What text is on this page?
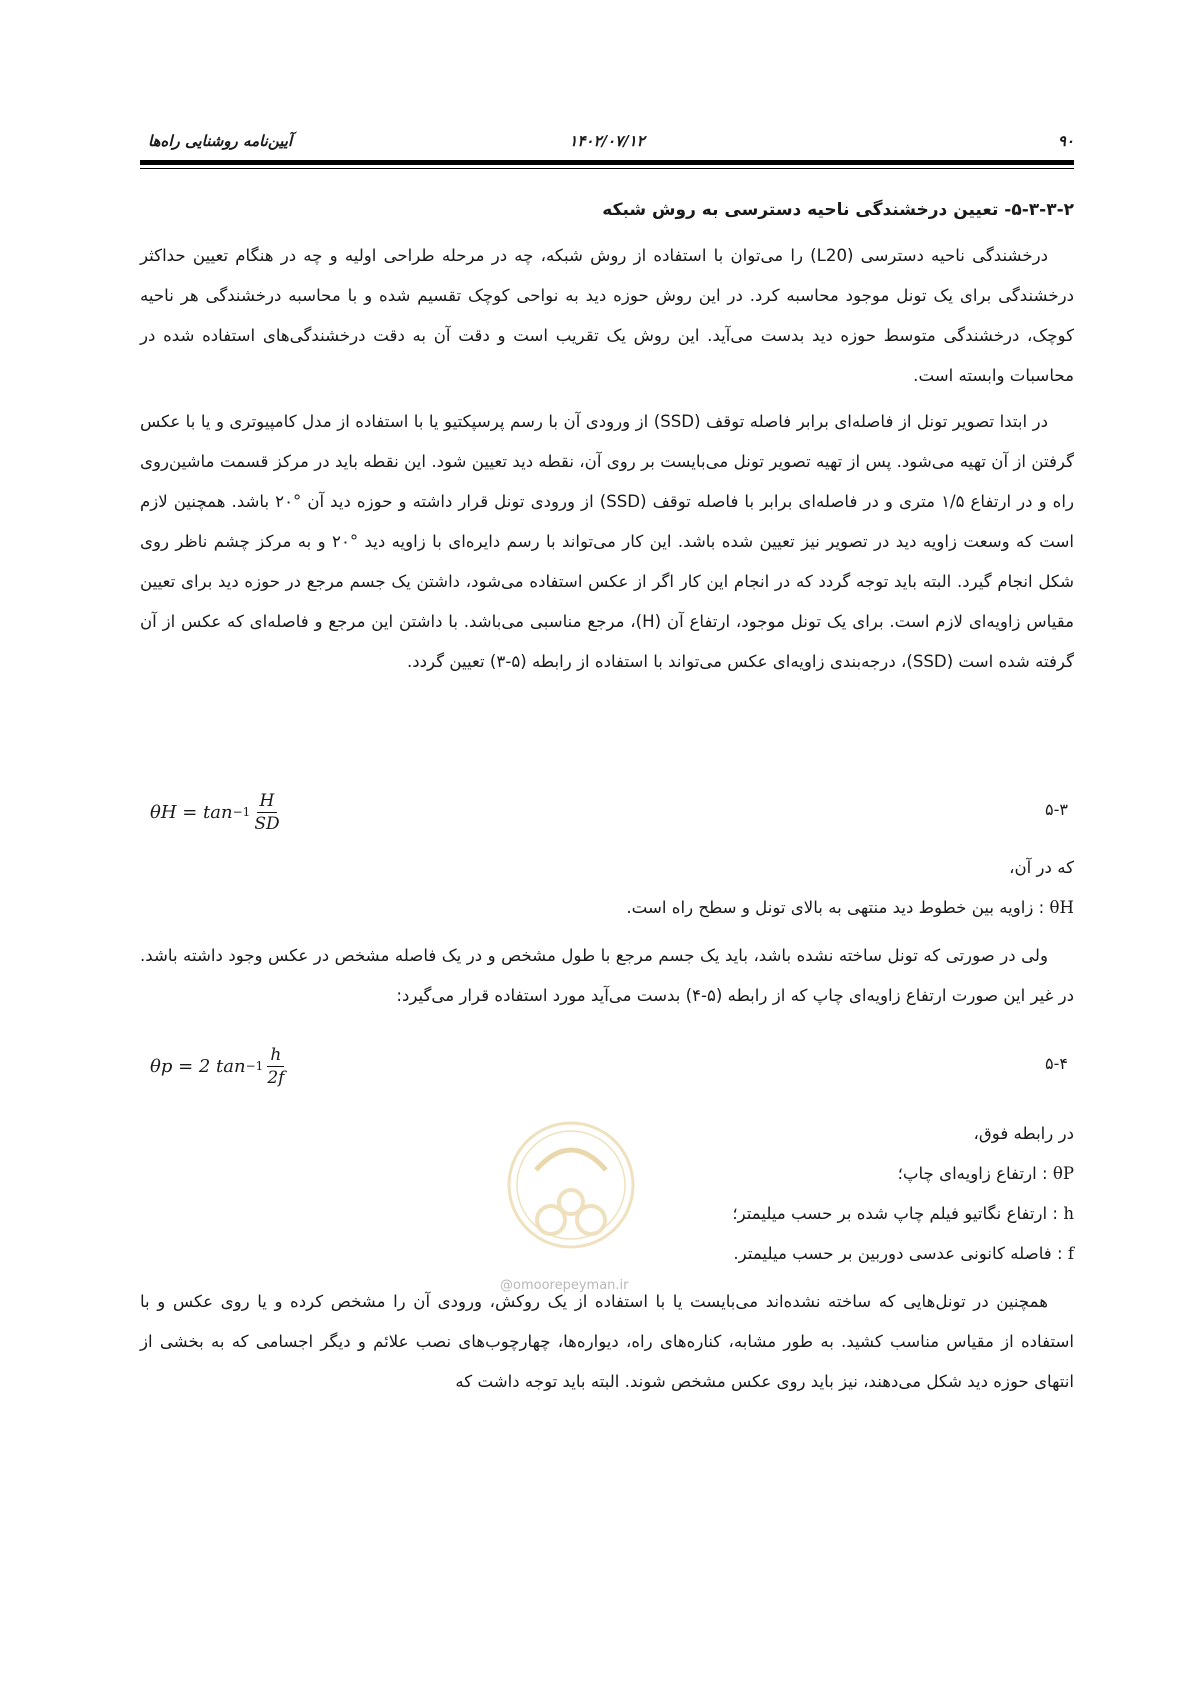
۹۰
۱۴۰۲/۰۷/۱۲
آیین‌نامه روشنایی راه‌ها

۵-۳-۳-۲- تعیین درخشندگی ناحیه دسترسی به روش شبکه

درخشندگی ناحیه دسترسی (L20) را می‌توان با استفاده از روش شبکه، چه در مرحله طراحی اولیه و چه در هنگام تعیین حداکثر درخشندگی برای یک تونل موجود محاسبه کرد. در این روش حوزه دید به نواحی کوچک تقسیم شده و با محاسبه درخشندگی هر ناحیه کوچک، درخشندگی متوسط حوزه دید بدست می‌آید. این روش یک تقریب است و دقت آن به دقت درخشندگی‌های استفاده شده در محاسبات وابسته است.

در ابتدا تصویر تونل از فاصله‌ای برابر فاصله توقف (SSD) از ورودی آن با رسم پرسپکتیو یا با استفاده از مدل کامپیوتری و یا با عکس گرفتن از آن تهیه می‌شود. پس از تهیه تصویر تونل می‌بایست بر روی آن، نقطه دید تعیین شود. این نقطه باید در مرکز قسمت ماشین‌روی راه و در ارتفاع ۱/۵ متری و در فاصله‌ای برابر با فاصله توقف (SSD) از ورودی تونل قرار داشته و حوزه دید آن °۲۰ باشد. همچنین لازم است که وسعت زاویه دید در تصویر نیز تعیین شده باشد. این کار می‌تواند با رسم دایره‌ای با زاویه دید °۲۰ و به مرکز چشم ناظر روی شکل انجام گیرد. البته باید توجه گردد که در انجام این کار اگر از عکس استفاده می‌شود، داشتن یک جسم مرجع در حوزه دید برای تعیین مقیاس زاویه‌ای لازم است. برای یک تونل موجود، ارتفاع آن (H)، مرجع مناسبی می‌باشد. با داشتن این مرجع و فاصله‌ای که عکس از آن گرفته شده است (SSD)، درجه‌بندی زاویه‌ای عکس می‌تواند با استفاده از رابطه (۵-۳) تعیین گردد.

$\theta H = \tan -1 \frac{H}{SD}$	۵-۳

که در آن،

θH : زاویه بین خطوط دید منتهی به بالای تونل و سطح راه است.

ولی در صورتی که تونل ساخته نشده باشد، باید یک جسم مرجع با طول مشخص و در یک فاصله مشخص در عکس وجود داشته باشد. در غیر این صورت ارتفاع زاویه‌ای چاپ که از رابطه (۵-۴) بدست می‌آید مورد استفاده قرار می‌گیرد:

θp = 2 $\tan -1 \frac{h}{2f}$	۵-۴

در رابطه فوق،

θP : ارتفاع زاویه‌ای چاپ؛

h : ارتفاع نگاتیو فیلم چاپ شده بر حسب میلیمتر؛

f : فاصله کانونی عدسی دوربین بر حسب میلیمتر.

همچنین در تونل‌هایی که ساخته نشده‌اند می‌بایست یا با استفاده از یک روکش، ورودی آن را مشخص کرده و یا روی عکس و با استفاده از مقیاس مناسب کشید. به طور مشابه، کناره‌های راه، دیواره‌ها، چهارچوب‌های نصب علائم و دیگر اجسامی که به بخشی از انتهای حوزه دید شکل می‌دهند، نیز باید روی عکس مشخص شوند. البته باید توجه داشت که

@omoorepeyman.ir
